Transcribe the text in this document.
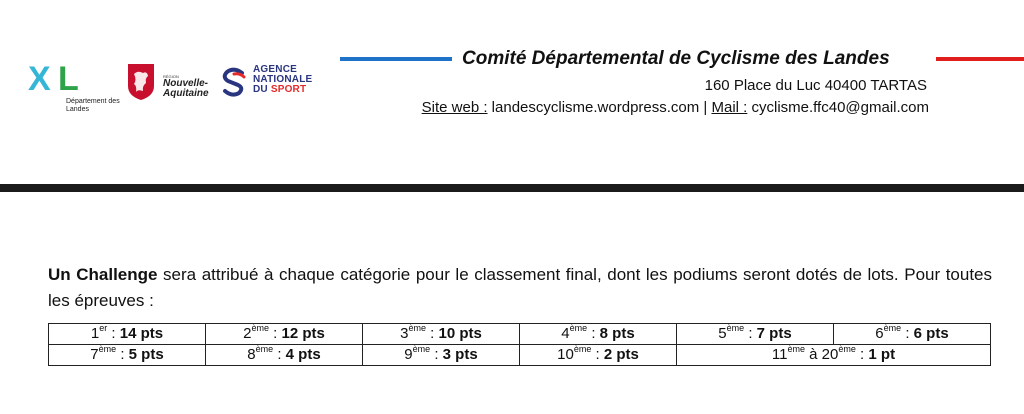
X L
Département des Landes
RÉGION
Nouvelle-Aquitaine
AGENCE
NATIONALE
DU SPORT
Comité Départemental de Cyclisme des Landes
160 Place du Luc 40400 TARTAS
Site web : landescyclisme.wordpress.com | Mail : cyclisme.ffc40@gmail.com
Un Challenge sera attribué à chaque catégorie pour le classement final, dont les podiums seront dotés de lots. Pour toutes les épreuves :
1er : 14 pts	2ème : 12 pts	3ème : 10 pts	4ème : 8 pts	5ème : 7 pts	6ème : 6 pts
7ème : 5 pts	8ème : 4 pts	9ème : 3 pts	10ème : 2 pts	11ème à 20ème : 1 pt	
